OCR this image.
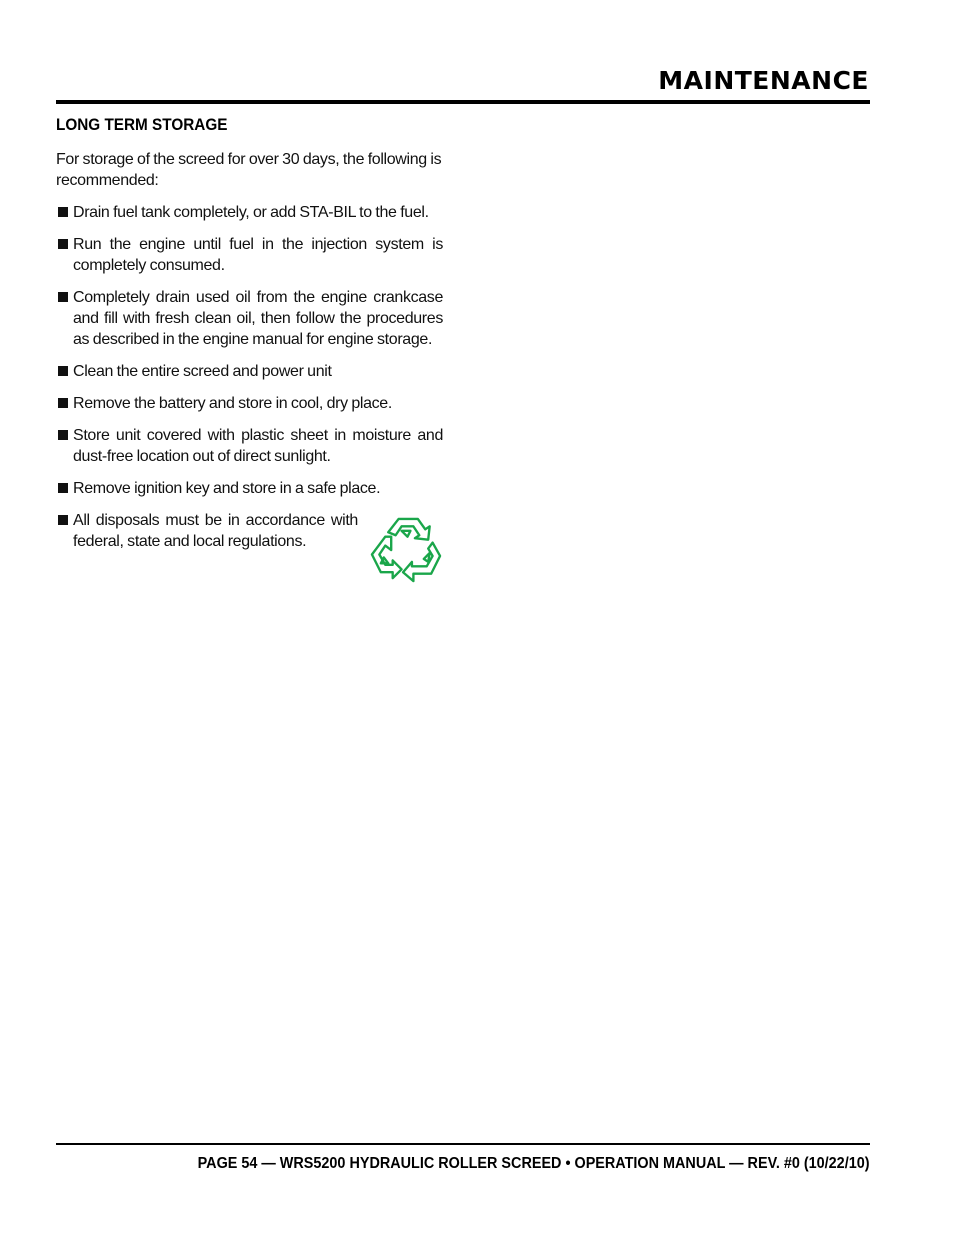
MAINTENANCE
LONG TERM STORAGE

For storage of the screed for over 30 days, the following is recommended:

Drain fuel tank completely, or add STA-BIL to the fuel.
Run the engine until fuel in the injection system is completely consumed.
Completely drain used oil from the engine crankcase and fill with fresh clean oil, then follow the procedures as described in the engine manual for engine storage.
Clean the entire screed and power unit
Remove the battery and store in cool, dry place.
Store unit covered with plastic sheet in moisture and dust-free location out of direct sunlight.
Remove ignition key and store in a safe place.
All disposals must be in accordance with federal, state and local regulations.
PAGE 54 — WRS5200 HYDRAULIC ROLLER SCREED • OPERATION MANUAL — REV. #0 (10/22/10)
